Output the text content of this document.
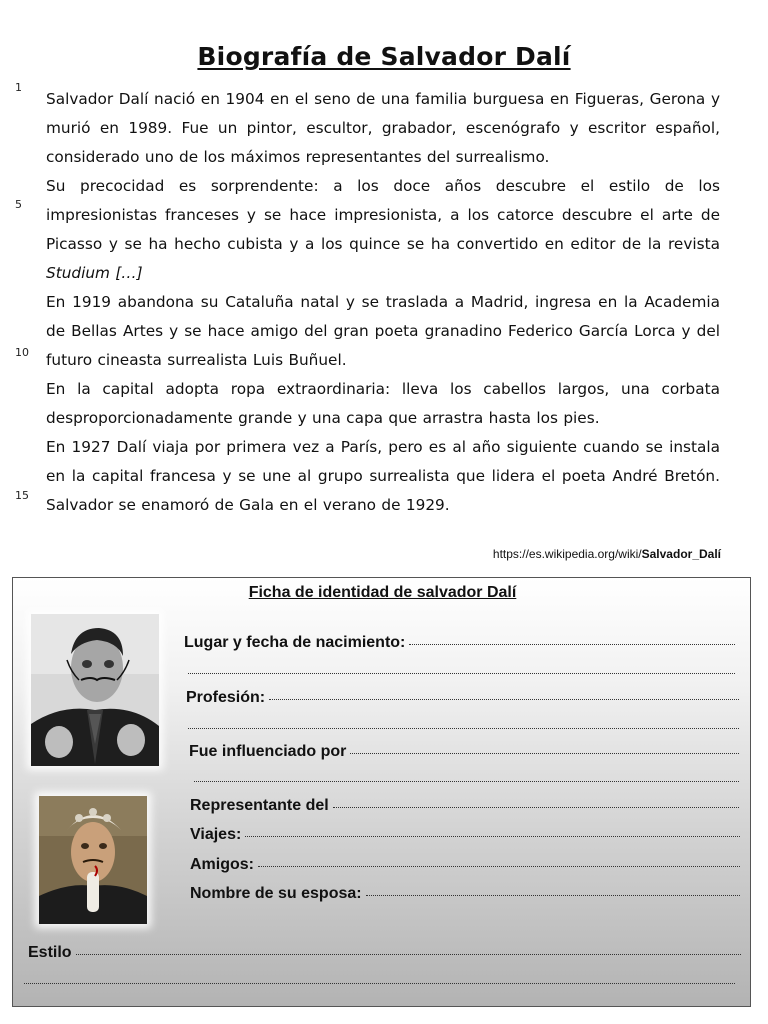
Biografía de Salvador Dalí
1
5
10
15

Salvador Dalí nació en 1904 en el seno de una familia burguesa en Figueras, Gerona y murió en 1989. Fue un pintor, escultor, grabador, escenógrafo y escritor español, considerado uno de los máximos representantes del surrealismo.

Su precocidad es sorprendente: a los doce años descubre el estilo de los impresionistas franceses y se hace impresionista, a los catorce descubre el arte de Picasso y se ha hecho cubista y a los quince se ha convertido en editor de la revista Studium […]

En 1919 abandona su Cataluña natal y se traslada a Madrid, ingresa en la Academia de Bellas Artes y se hace amigo del gran poeta granadino Federico García Lorca y del futuro cineasta surrealista Luis Buñuel.

En la capital adopta ropa extraordinaria: lleva los cabellos largos, una corbata desproporcionadamente grande y una capa que arrastra hasta los pies.

En 1927 Dalí viaja por primera vez a París, pero es al año siguiente cuando se instala en la capital francesa y se une al grupo surrealista que lidera el poeta André Bretón. Salvador se enamoró de Gala en el verano de 1929.

https://es.wikipedia.org/wiki/Salvador_Dalí
Ficha de identidad de salvador Dalí
Lugar y fecha de nacimiento:
Profesión:
Fue influenciado por
Representante del
Viajes:
Amigos:
Nombre de su esposa:
Estilo
